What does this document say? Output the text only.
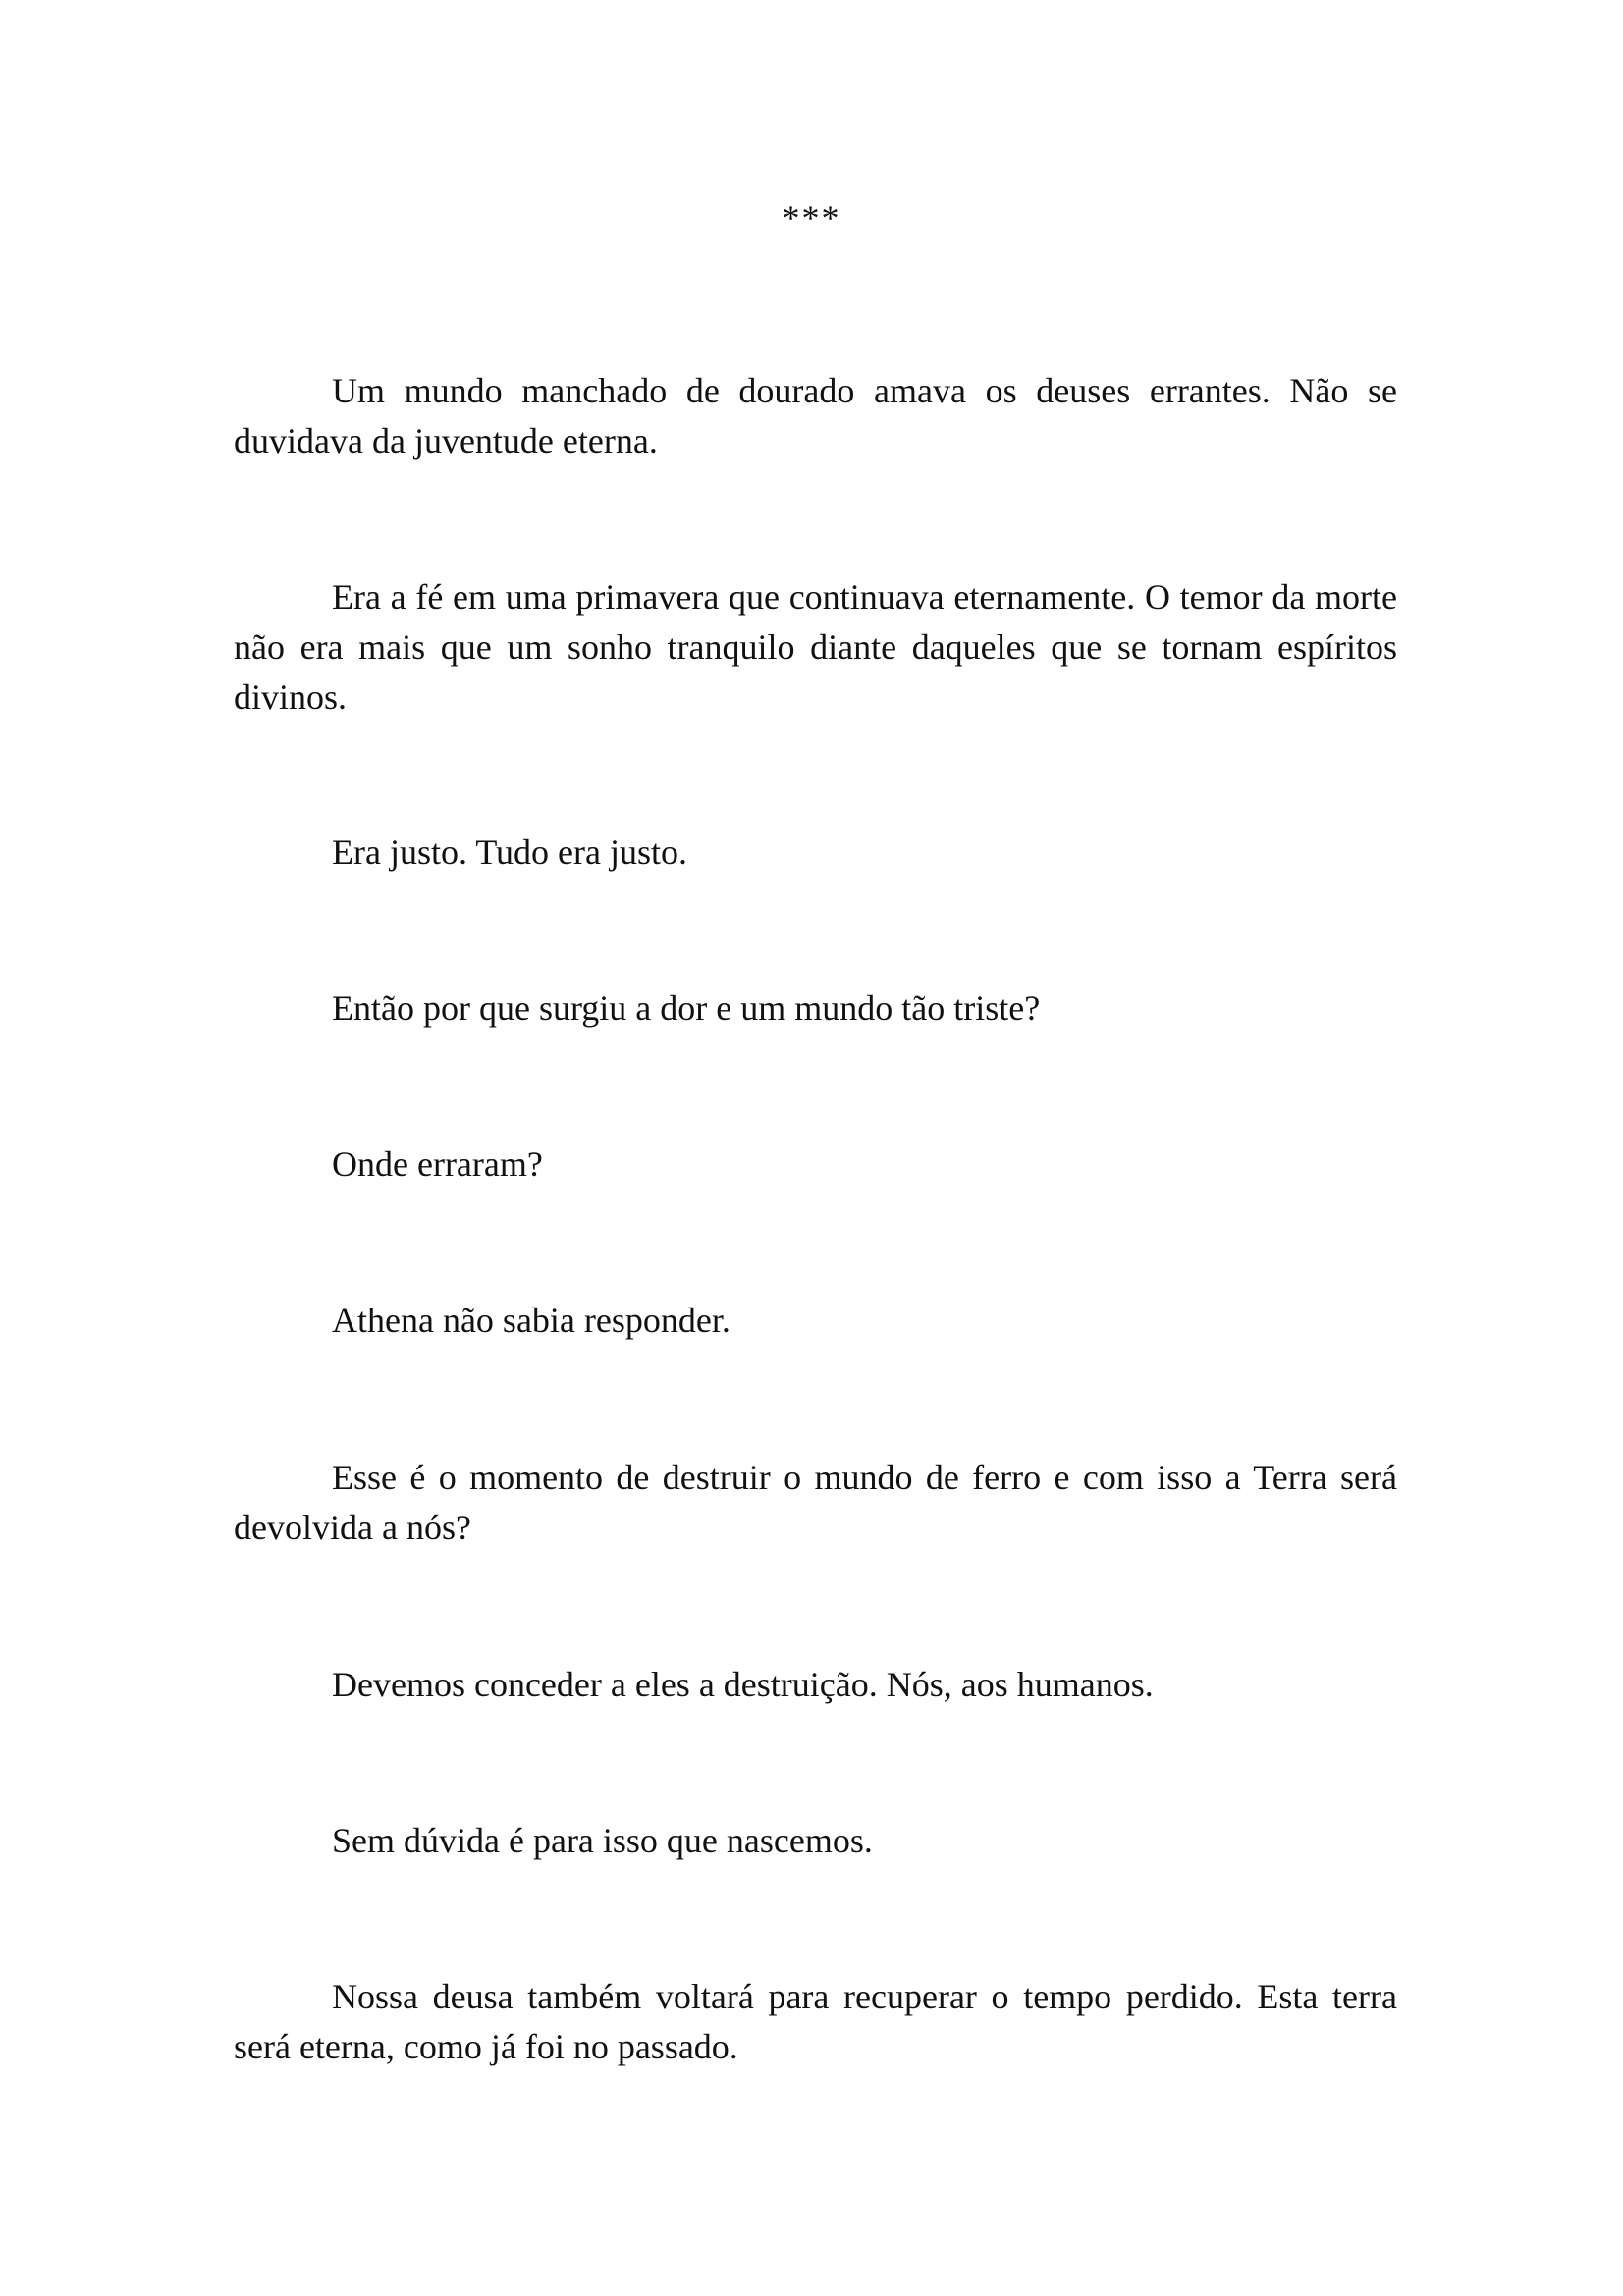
***

Um mundo manchado de dourado amava os deuses errantes. Não se duvidava da juventude eterna.

Era a fé em uma primavera que continuava eternamente. O temor da morte não era mais que um sonho tranquilo diante daqueles que se tornam espíritos divinos.

Era justo. Tudo era justo.

Então por que surgiu a dor e um mundo tão triste?

Onde erraram?

Athena não sabia responder.

Esse é o momento de destruir o mundo de ferro e com isso a Terra será devolvida a nós?

Devemos conceder a eles a destruição. Nós, aos humanos.

Sem dúvida é para isso que nascemos.

Nossa deusa também voltará para recuperar o tempo perdido. Esta terra será eterna, como já foi no passado.
